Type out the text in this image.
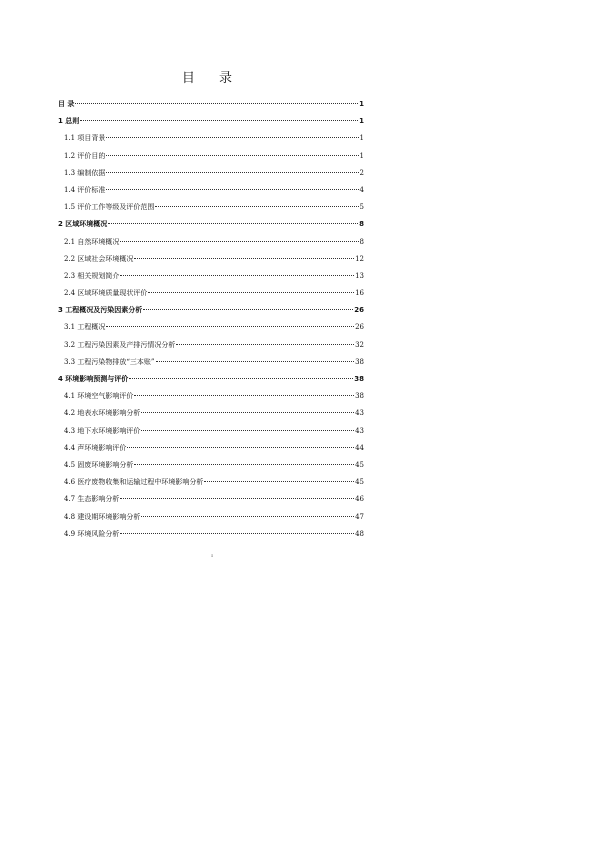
目 录
目 录	1
1 总则	1
1.1 项目背景	1
1.2 评价目的	1
1.3 编制依据	2
1.4 评价标准	4
1.5 评价工作等级及评价范围	5
2 区域环境概况	8
2.1 自然环境概况	8
2.2 区域社会环境概况	12
2.3 相关规划简介	13
2.4 区域环境质量现状评价	16
3 工程概况及污染因素分析	26
3.1 工程概况	26
3.2 工程污染因素及产排污情况分析	32
3.3 工程污染物排放“三本账”	38
4 环境影响预测与评价	38
4.1 环境空气影响评价	38
4.2 地表水环境影响分析	43
4.3 地下水环境影响评价	43
4.4 声环境影响评价	44
4.5 固废环境影响分析	45
4.6 医疗废物收集和运输过程中环境影响分析	45
4.7 生态影响分析	46
4.8 建设期环境影响分析	47
4.9 环境风险分析	48
I
